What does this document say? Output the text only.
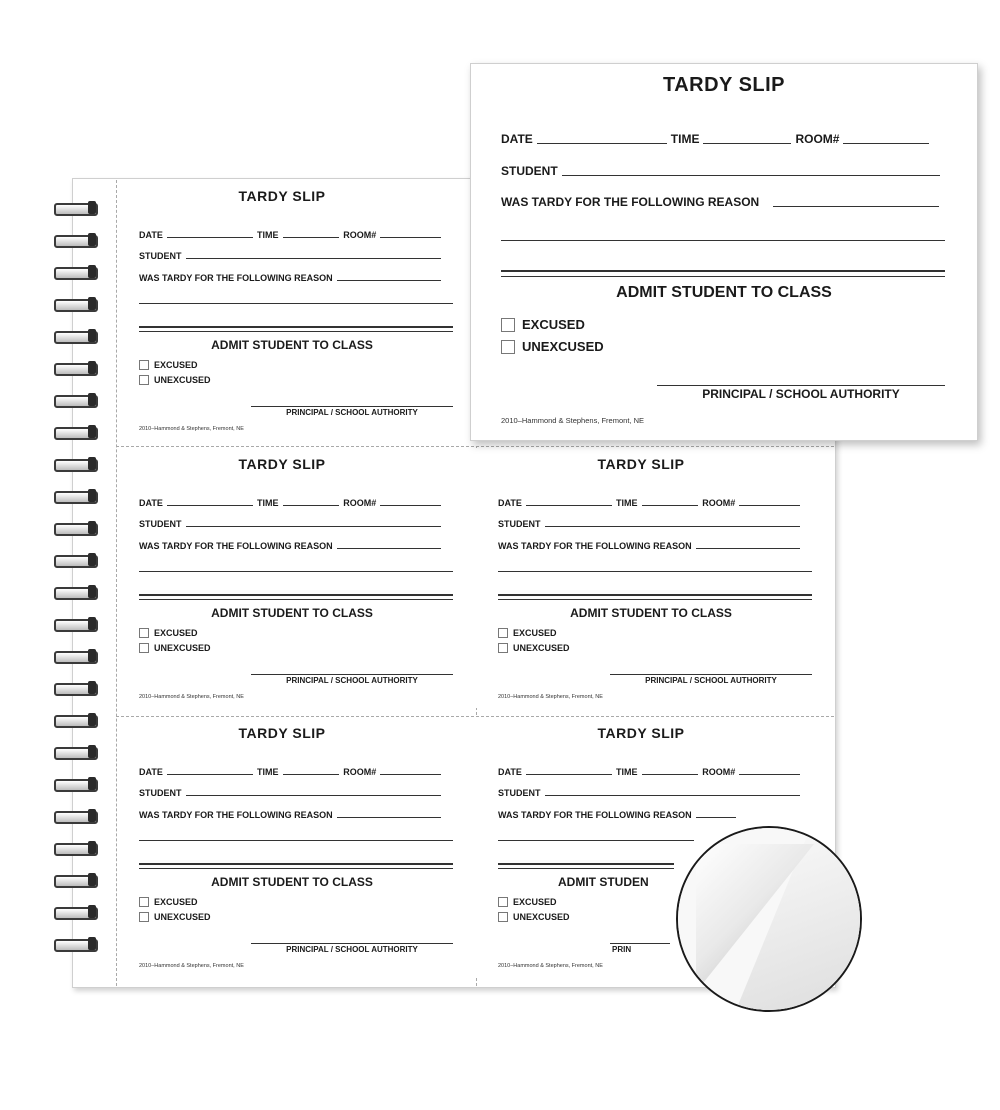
TARDY SLIP
DATE	TIME	ROOM#
STUDENT
WAS TARDY FOR THE FOLLOWING REASON
ADMIT STUDENT TO CLASS
EXCUSED
UNEXCUSED
PRINCIPAL / SCHOOL AUTHORITY
2010–Hammond & Stephens, Fremont, NE
TARDY SLIP
DATE	TIME	ROOM#
STUDENT
WAS TARDY FOR THE FOLLOWING REASON
ADMIT STUDENT TO CLASS
EXCUSED
UNEXCUSED
PRINCIPAL / SCHOOL AUTHORITY
2010–Hammond & Stephens, Fremont, NE
TARDY SLIP
DATE	TIME	ROOM#
STUDENT
WAS TARDY FOR THE FOLLOWING REASON
ADMIT STUDENT TO CLASS
EXCUSED
UNEXCUSED
PRINCIPAL / SCHOOL AUTHORITY
2010–Hammond & Stephens, Fremont, NE
TARDY SLIP
DATE	TIME	ROOM#
STUDENT
WAS TARDY FOR THE FOLLOWING REASON
ADMIT STUDENT TO CLASS
EXCUSED
UNEXCUSED
PRINCIPAL / SCHOOL AUTHORITY
2010–Hammond & Stephens, Fremont, NE
TARDY SLIP
DATE	TIME	ROOM#
STUDENT
WAS TARDY FOR THE FOLLOWING REASON
ADMIT STUDEN
EXCUSED
UNEXCUSED
PRIN
2010–Hammond & Stephens, Fremont, NE
TARDY SLIP
DATE	TIME	ROOM#
STUDENT
WAS TARDY FOR THE FOLLOWING REASON
ADMIT STUDENT TO CLASS
EXCUSED
UNEXCUSED
PRINCIPAL / SCHOOL AUTHORITY
2010–Hammond & Stephens, Fremont, NE
